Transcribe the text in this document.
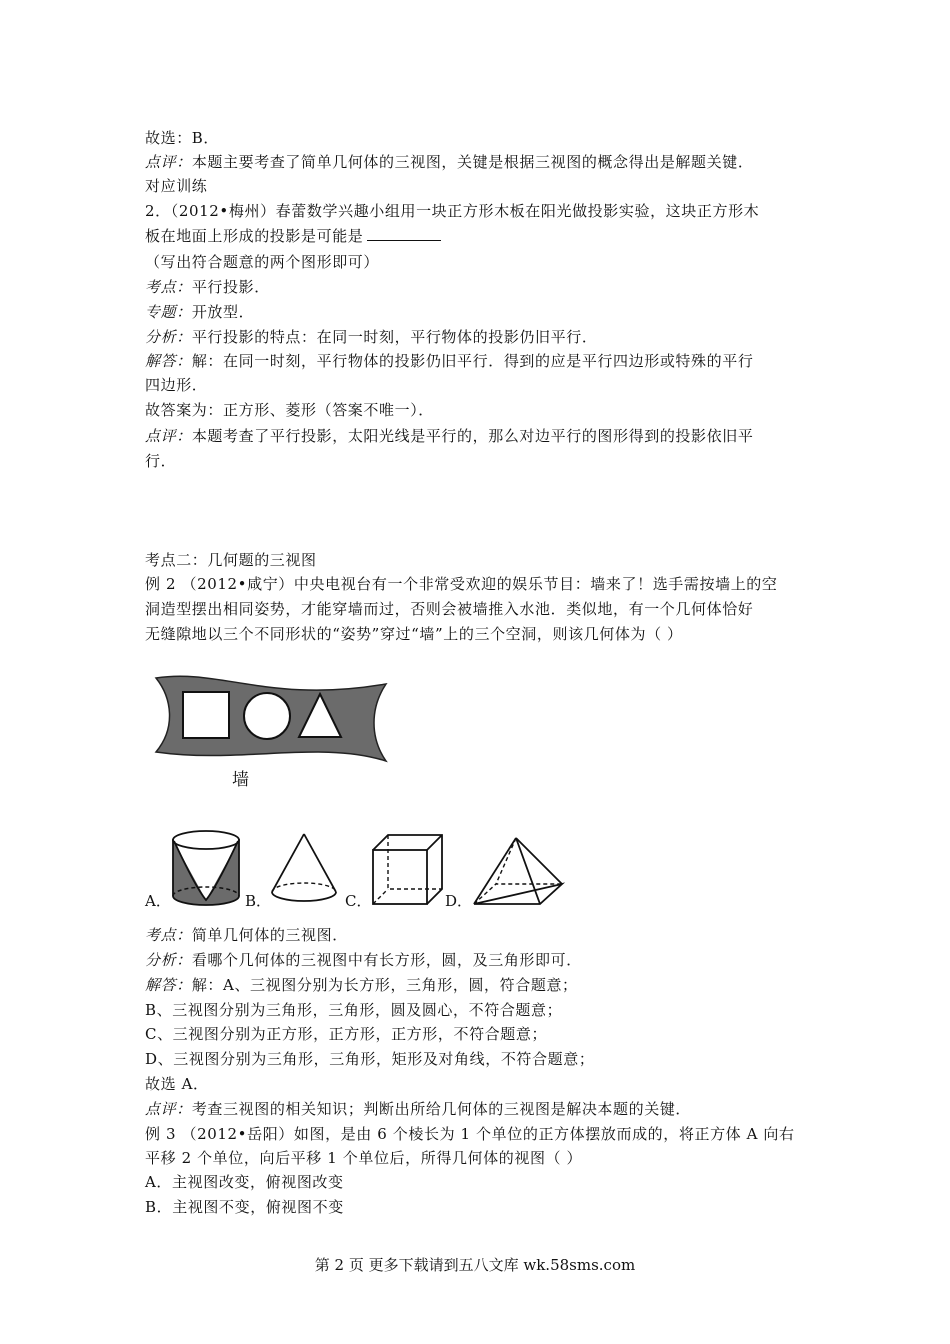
故选：B．
点评：本题主要考查了简单几何体的三视图，关键是根据三视图的概念得出是解题关键．
对应训练
2．（2012•梅州）春蕾数学兴趣小组用一块正方形木板在阳光做投影实验，这块正方形木
板在地面上形成的投影是可能是
（写出符合题意的两个图形即可）
考点：平行投影．
专题：开放型．
分析：平行投影的特点：在同一时刻，平行物体的投影仍旧平行．
解答：解：在同一时刻，平行物体的投影仍旧平行．得到的应是平行四边形或特殊的平行
四边形．
故答案为：正方形、菱形（答案不唯一）．
点评：本题考查了平行投影，太阳光线是平行的，那么对边平行的图形得到的投影依旧平
行．
考点二：几何题的三视图
例 2 （2012•咸宁）中央电视台有一个非常受欢迎的娱乐节目：墙来了！选手需按墙上的空
洞造型摆出相同姿势，才能穿墙而过，否则会被墙推入水池．类似地，有一个几何体恰好
无缝隙地以三个不同形状的“姿势”穿过“墙”上的三个空洞，则该几何体为（ ）
墙
A．	B．	C．	D．
考点：简单几何体的三视图．
分析：看哪个几何体的三视图中有长方形，圆，及三角形即可．
解答：解：A、三视图分别为长方形，三角形，圆，符合题意；
B、三视图分别为三角形，三角形，圆及圆心，不符合题意；
C、三视图分别为正方形，正方形，正方形，不符合题意；
D、三视图分别为三角形，三角形，矩形及对角线，不符合题意；
故选 A．
点评：考查三视图的相关知识；判断出所给几何体的三视图是解决本题的关键．
例 3 （2012•岳阳）如图，是由 6 个棱长为 1 个单位的正方体摆放而成的，将正方体 A 向右
平移 2 个单位，向后平移 1 个单位后，所得几何体的视图（ ）
A．主视图改变，俯视图改变
B．主视图不变，俯视图不变
第 2 页 更多下载请到五八文库 wk.58sms.com
